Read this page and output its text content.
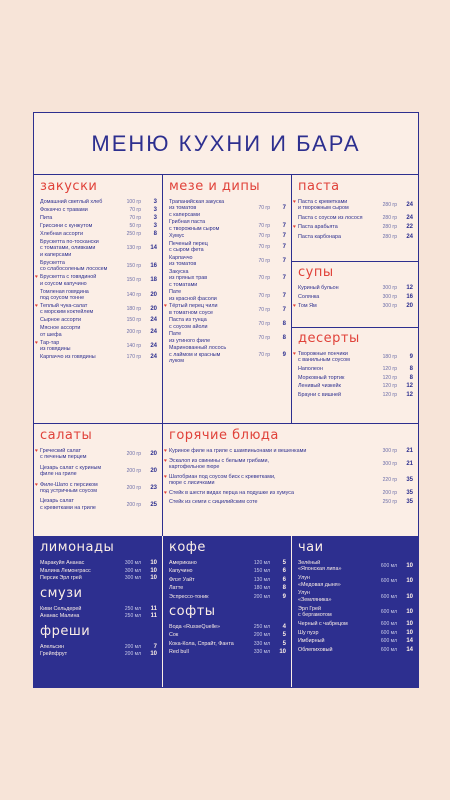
МЕНЮ КУХНИ И БАРА
закуски
Домашний светлый хлеб	100 гр	3
Фокаччо с травами	70 гр	3
Пита	70 гр	3
Гриссини с кунжутом	50 гр	3
Хлебная ассорти	250 гр	8
Брускетта по-тоскански
с томатами, оливками
и каперсами
130 гр	14
Брускетта
со слабосоленым лососем
150 гр	16
♥ Брускетта с говядиной
и соусом капучино
150 гр	18
Томленая говядина
под соусом тонне
140 гр	20
♥ Теплый чука-салат
с морским коктейлем
180 гр	20
Сырное ассорти	150 гр	24
Мясное ассорти
от шефа
200 гр	24
♥ Тар-тар
из говядины
140 гр	24
Карпаччо из говядины	170 гр	24
мезе и дипы
Трапанийская закуска
из томатов
с каперсами
70 гр	7
Грибная паста
с творожным сыром
70 гр	7
Хумус	70 гр	7
Печеный перец
с сыром фета
70 гр	7
Карпаччо
из томатов
70 гр	7
Закуска
из пряных трав
с томатами
70 гр	7
Пате
из красной фасоли
70 гр	7
♥ Тёртый перец чили
в томатном соусе
70 гр	7
Паста из тунца
с соусом айоли
70 гр	8
Пате
из утиного филе
70 гр	8
Маринованный лосось
с лаймом и красным
луком
70 гр	9
паста
♥ Паста с креветками
и творожным сыром
280 гр	24
Паста с соусом из лосося	280 гр	24
♥ Паста арабьята	280 гр	22
Паста карбонара	280 гр	24
супы
Куриный бульон	300 гр	12
Солянка	300 гр	16
♥ Том Ям	300 гр	20
десерты
♥ Творожные пончики
с ванильным соусом
180 гр	9
Наполеон	120 гр	8
Морковный тортик	120 гр	8
Ленивый чизкейк	120 гр	12
Брауни с вишней	120 гр	12
салаты
♥ Греческий салат
с печеным перцем
200 гр	20
Цезарь салат с куриным
филе на гриле
200 гр	20
♥ Филе-Шато с персиком
под устричным соусом
200 гр	23
Цезарь салат
с креветками на гриле
200 гр	25
горячие блюда
♥ Куриное филе на гриле с шампиньонами и вешенками	300 гр	21
♥ Эскалоп из свинины с белыми грибами,
картофельное пюре
300 гр	21
♥ Шатобриан под соусом биск с креветками,
пюре с лисичками
220 гр	35
♥ Стейк в шести видах перца на подушке из хумуса	200 гр	35
Стейк из семги с сицилийским соте	250 гр	35
лимонады
Маракуйя Ананас	300 мл	10
Малина Лемонграсс	300 мл	10
Персик Эрл грей	300 мл	10
смузи
Киви Сельдерей	250 мл	11
Ананас Малина	250 мл	11
фреши
Апельсин	200 мл	7
Грейпфрут	200 мл	10
кофе
Американо	120 мл	5
Капучино	150 мл	6
Флэт Уайт	130 мл	6
Латте	180 мл	8
Эспрессо-тоник	200 мл	9
софты
Вода «RusseQuelle»	250 мл	4
Сок	200 мл	5
Кока-Кола, Спрайт, Фанта	330 мл	5
Red bull	330 мл	10
чаи
Зелёный
«Японская липа»
600 мл	10
Улун
«Медовая дыня»
600 мл	10
Улун
«Земляника»
600 мл	10
Эрл Грей
с бергамотом
600 мл	10
Черный с чабрецом	600 мл	10
Шу пуэр	600 мл	10
Имбирный	600 мл	14
Облепиховый	600 мл	14
